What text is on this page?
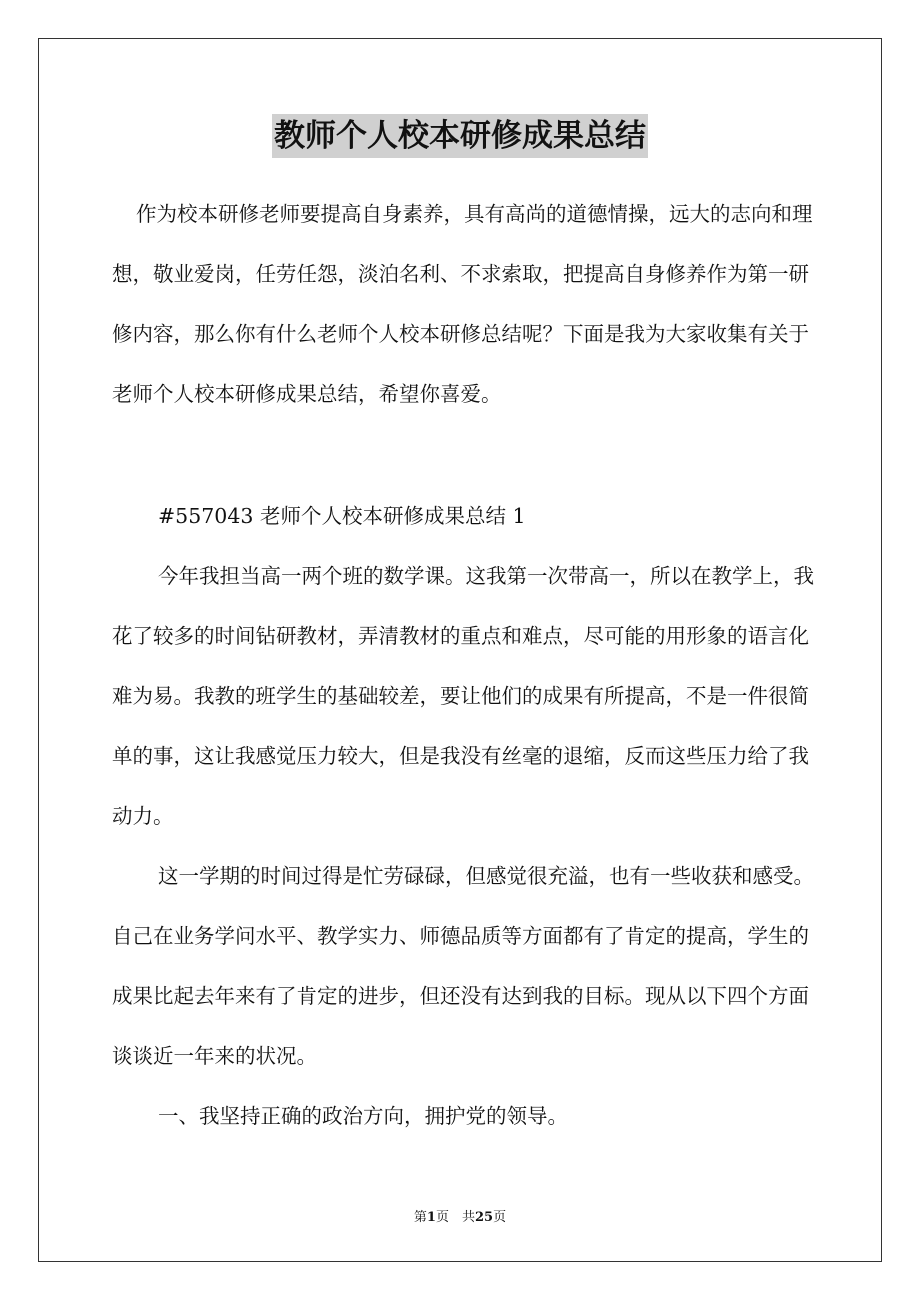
教师个人校本研修成果总结

作为校本研修老师要提高自身素养，具有高尚的道德情操，远大的志向和理想，敬业爱岗，任劳任怨，淡泊名利、不求索取，把提高自身修养作为第一研修内容，那么你有什么老师个人校本研修总结呢？下面是我为大家收集有关于老师个人校本研修成果总结，希望你喜爱。

#557043 老师个人校本研修成果总结 1

今年我担当高一两个班的数学课。这我第一次带高一，所以在教学上，我花了较多的时间钻研教材，弄清教材的重点和难点，尽可能的用形象的语言化难为易。我教的班学生的基础较差，要让他们的成果有所提高，不是一件很简单的事，这让我感觉压力较大，但是我没有丝毫的退缩，反而这些压力给了我动力。

这一学期的时间过得是忙劳碌碌，但感觉很充溢，也有一些收获和感受。自己在业务学问水平、教学实力、师德品质等方面都有了肯定的提高，学生的成果比起去年来有了肯定的进步，但还没有达到我的目标。现从以下四个方面谈谈近一年来的状况。

一、我坚持正确的政治方向，拥护党的领导。

第1页　共25页
